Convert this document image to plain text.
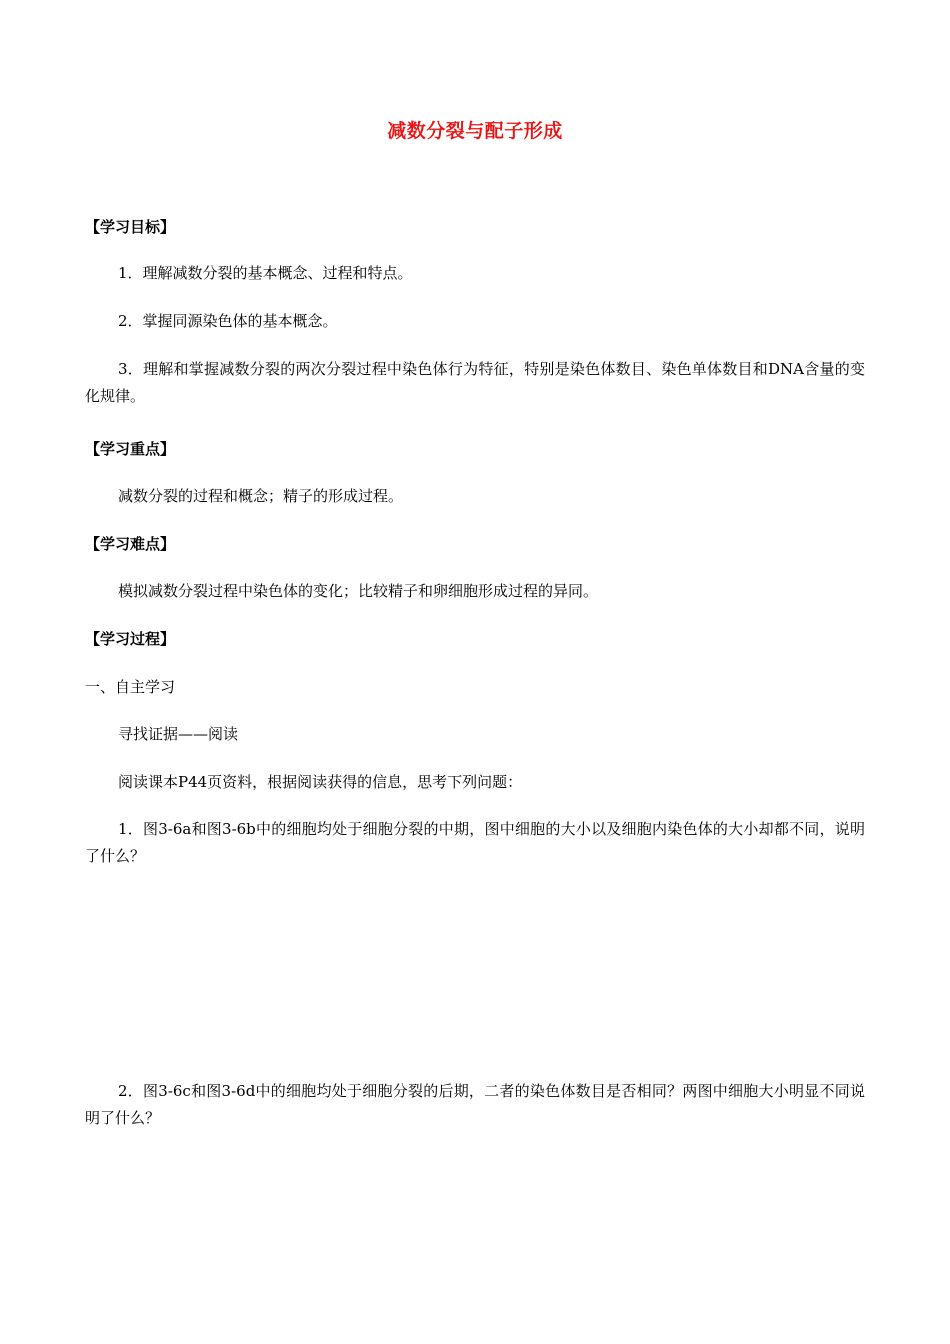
减数分裂与配子形成
【学习目标】
1．理解减数分裂的基本概念、过程和特点。
2．掌握同源染色体的基本概念。
3．理解和掌握减数分裂的两次分裂过程中染色体行为特征，特别是染色体数目、染色单体数目和DNA含量的变化规律。
【学习重点】
减数分裂的过程和概念；精子的形成过程。
【学习难点】
模拟减数分裂过程中染色体的变化；比较精子和卵细胞形成过程的异同。
【学习过程】
一、自主学习
寻找证据——阅读
阅读课本P44页资料，根据阅读获得的信息，思考下列问题：
1．图3-6a和图3-6b中的细胞均处于细胞分裂的中期，图中细胞的大小以及细胞内染色体的大小却都不同，说明了什么？
2．图3-6c和图3-6d中的细胞均处于细胞分裂的后期，二者的染色体数目是否相同？两图中细胞大小明显不同说明了什么？
